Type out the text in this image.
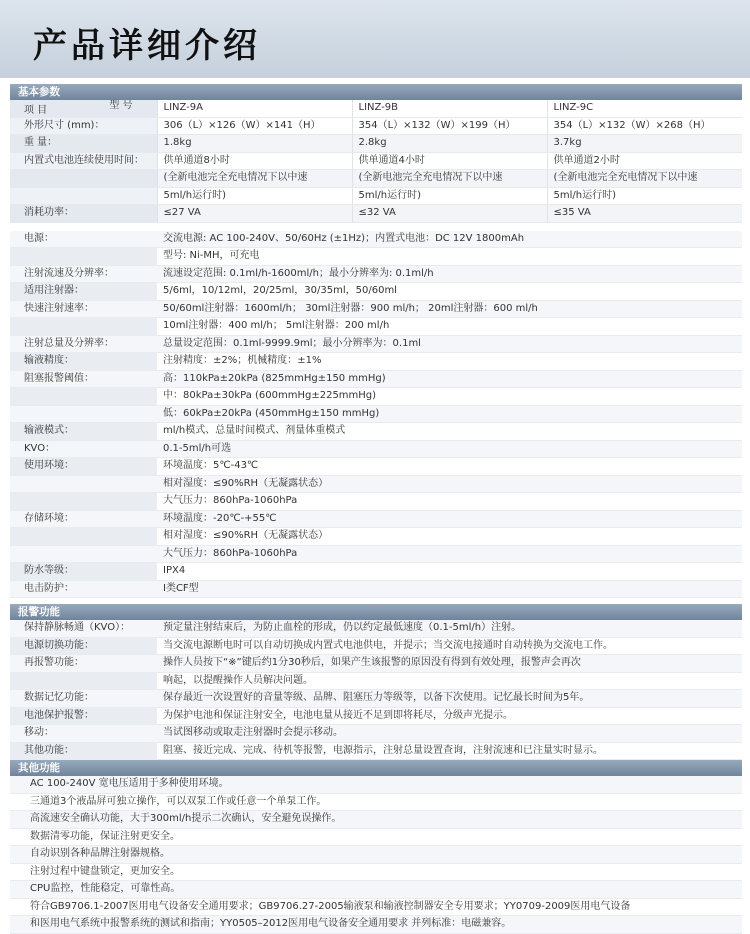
产品详细介绍
基本参数
项 目 型 号	LINZ-9A	LINZ-9B	LINZ-9C
外形尺寸 (mm)：	306（L）×126（W）×141（H）	354（L）×132（W）×199（H）	354（L）×132（W）×268（H）
重 量：	1.8kg	2.8kg	3.7kg
内置式电池连续使用时间：	供单通道8小时	供单通道4小时	供单通道2小时
	(全新电池完全充电情况下以中速	(全新电池完全充电情况下以中速	(全新电池完全充电情况下以中速
	5ml/h运行时)	5ml/h运行时)	5ml/h运行时)
消耗功率：	≤27 VA	≤32 VA	≤35 VA
电源：	交流电源: AC 100-240V、50/60Hz (±1Hz)；内置式电池：DC 12V 1800mAh
	型号: Ni-MH，可充电
注射流速及分辨率：	流速设定范围: 0.1ml/h-1600ml/h；最小分辨率为: 0.1ml/h
适用注射器：	5/6ml，10/12ml，20/25ml，30/35ml，50/60ml
快速注射速率：	50/60ml注射器：1600ml/h； 30ml注射器：900 ml/h； 20ml注射器：600 ml/h
	10ml注射器：400 ml/h； 5ml注射器：200 ml/h
注射总量及分辨率：	总量设定范围：0.1ml-9999.9ml；最小分辨率为：0.1ml
输液精度：	注射精度：±2%；机械精度：±1%
阻塞报警阈值：	高：110kPa±20kPa (825mmHg±150 mmHg)
	中：80kPa±30kPa (600mmHg±225mmHg)
	低：60kPa±20kPa (450mmHg±150 mmHg)
输液模式：	ml/h模式、总量时间模式、剂量体重模式
KVO：	0.1-5ml/h可选
使用环境：	环境温度：5℃-43℃
	相对湿度：≤90%RH（无凝露状态）
	大气压力：860hPa-1060hPa
存储环境：	环境温度：-20℃-+55℃
	相对湿度：≤90%RH（无凝露状态）
	大气压力：860hPa-1060hPa
防水等级：	IPX4
电击防护：	I类CF型
报警功能
保持静脉畅通（KVO）：	预定量注射结束后，为防止血栓的形成，仍以约定最低速度（0.1-5ml/h）注射。
电源切换功能：	当交流电源断电时可以自动切换成内置式电池供电，并提示；当交流电接通时自动转换为交流电工作。
再报警功能：	操作人员按下“※”键后约1分30秒后，如果产生该报警的原因没有得到有效处理，报警声会再次
	响起，以提醒操作人员解决问题。
数据记忆功能：	保存最近一次设置好的音量等级、品牌、阻塞压力等级等，以备下次使用。记忆最长时间为5年。
电池保护报警：	为保护电池和保证注射安全，电池电量从接近不足到即将耗尽，分级声光提示。
移动：	当试图移动或取走注射器时会提示移动。
其他功能：	阻塞、接近完成、完成、待机等报警，电源指示，注射总量设置查询，注射流速和已注量实时显示。
其他功能
AC 100-240V 宽电压适用于多种使用环境。
三通道3个液晶屏可独立操作，可以双泵工作或任意一个单泵工作。
高流速安全确认功能，大于300ml/h提示二次确认，安全避免误操作。
数据清零功能，保证注射更安全。
自动识别各种品牌注射器规格。
注射过程中键盘锁定，更加安全。
CPU监控，性能稳定，可靠性高。
符合GB9706.1-2007医用电气设备安全通用要求；GB9706.27-2005输液泵和输液控制器安全专用要求；YY0709-2009医用电气设备
和医用电气系统中报警系统的测试和指南；YY0505–2012医用电气设备安全通用要求 并列标准：电磁兼容。
